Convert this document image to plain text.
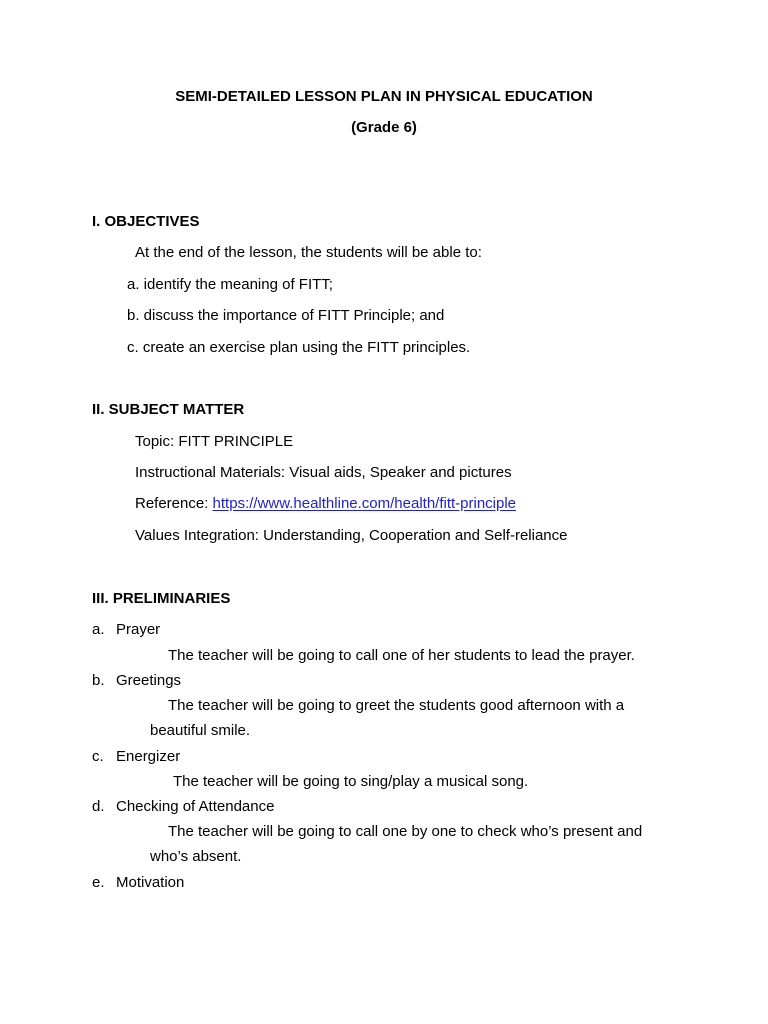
SEMI-DETAILED LESSON PLAN IN PHYSICAL EDUCATION
(Grade 6)
I. OBJECTIVES
At the end of the lesson, the students will be able to:
a. identify the meaning of FITT;
b. discuss the importance of FITT Principle; and
c. create an exercise plan using the FITT principles.
II. SUBJECT MATTER
Topic: FITT PRINCIPLE
Instructional Materials: Visual aids, Speaker and pictures
Reference: https://www.healthline.com/health/fitt-principle
Values Integration: Understanding, Cooperation and Self-reliance
III. PRELIMINARIES
a. Prayer
The teacher will be going to call one of her students to lead the prayer.
b. Greetings
The teacher will be going to greet the students good afternoon with a
beautiful smile.
c. Energizer
The teacher will be going to sing/play a musical song.
d. Checking of Attendance
The teacher will be going to call one by one to check who’s present and
who’s absent.
e. Motivation
